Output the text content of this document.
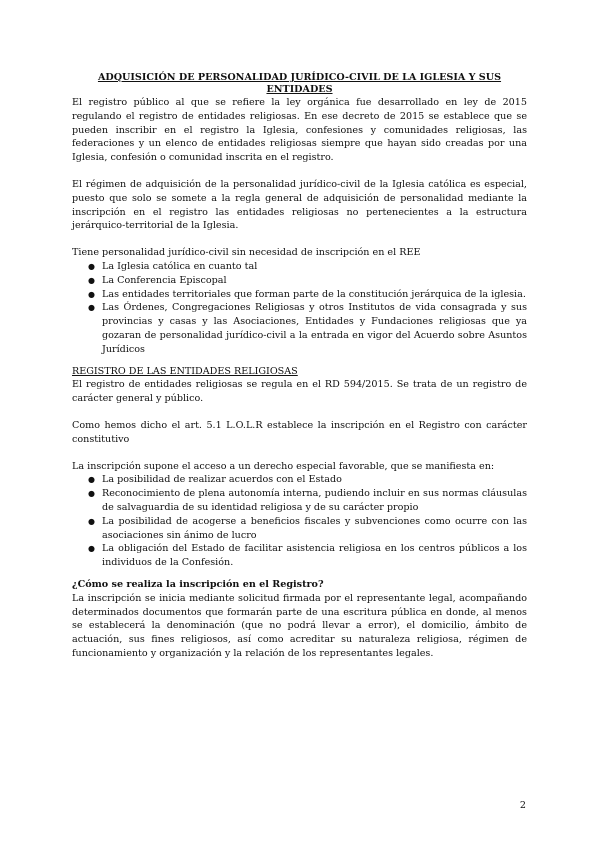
ADQUISICIÓN DE PERSONALIDAD JURÍDICO-CIVIL DE LA IGLESIA Y SUS ENTIDADES

El registro público al que se refiere la ley orgánica fue desarrollado en ley de 2015 regulando el registro de entidades religiosas. En ese decreto de 2015 se establece que se pueden inscribir en el registro la Iglesia, confesiones y comunidades religiosas, las federaciones y un elenco de entidades religiosas siempre que hayan sido creadas por una Iglesia, confesión o comunidad inscrita en el registro.

El régimen de adquisición de la personalidad jurídico-civil de la Iglesia católica es especial, puesto que solo se somete a la regla general de adquisición de personalidad mediante la inscripción en el registro las entidades religiosas no pertenecientes a la estructura jerárquico-territorial de la Iglesia.

Tiene personalidad jurídico-civil sin necesidad de inscripción en el REE

● La Iglesia católica en cuanto tal
● La Conferencia Episcopal
● Las entidades territoriales que forman parte de la constitución jerárquica de la iglesia.
● Las Órdenes, Congregaciones Religiosas y otros Institutos de vida consagrada y sus provincias y casas y las Asociaciones, Entidades y Fundaciones religiosas que ya gozaran de personalidad jurídico-civil a la entrada en vigor del Acuerdo sobre Asuntos Jurídicos

REGISTRO DE LAS ENTIDADES RELIGIOSAS

El registro de entidades religiosas se regula en el RD 594/2015. Se trata de un registro de carácter general y público.

Como hemos dicho el art. 5.1 L.O.L.R establece la inscripción en el Registro con carácter constitutivo

La inscripción supone el acceso a un derecho especial favorable, que se manifiesta en:

● La posibilidad de realizar acuerdos con el Estado
● Reconocimiento de plena autonomía interna, pudiendo incluir en sus normas cláusulas de salvaguardia de su identidad religiosa y de su carácter propio
● La posibilidad de acogerse a beneficios fiscales y subvenciones como ocurre con las asociaciones sin ánimo de lucro
● La obligación del Estado de facilitar asistencia religiosa en los centros públicos a los individuos de la Confesión.

¿Cómo se realiza la inscripción en el Registro?

La inscripción se inicia mediante solicitud firmada por el representante legal, acompañando determinados documentos que formarán parte de una escritura pública en donde, al menos se establecerá la denominación (que no podrá llevar a error), el domicilio, ámbito de actuación, sus fines religiosos, así como acreditar su naturaleza religiosa, régimen de funcionamiento y organización y la relación de los representantes legales.

2
